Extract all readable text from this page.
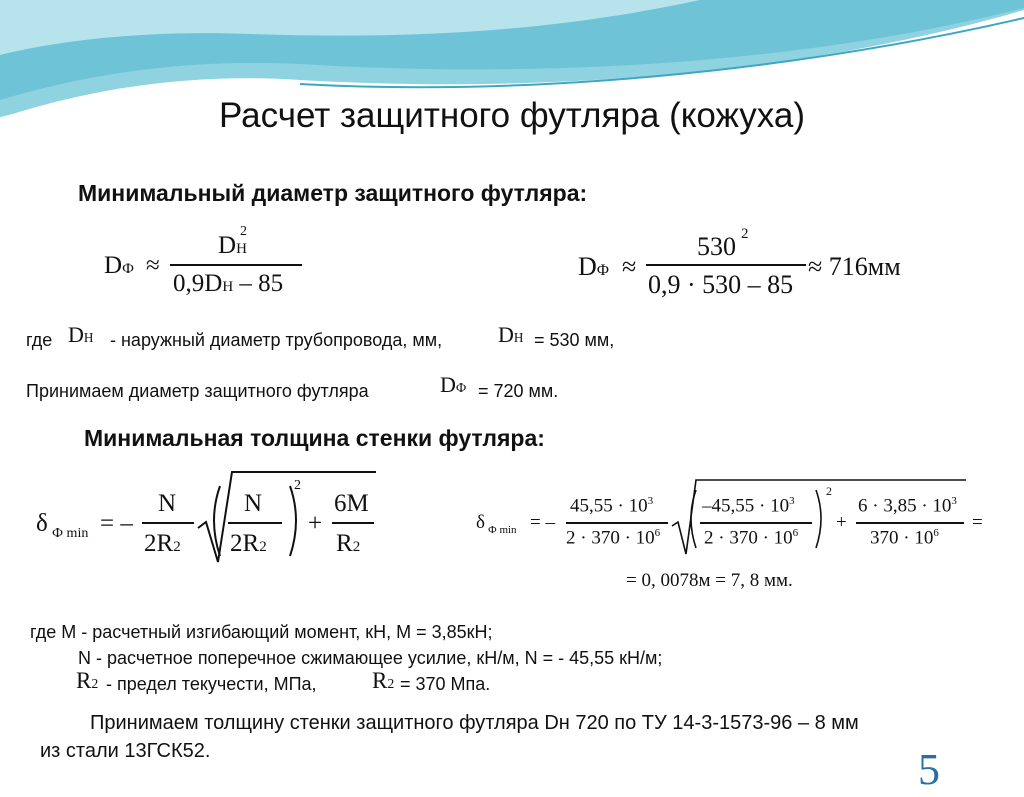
Расчет защитного футляра (кожуха)
Минимальный диаметр защитного футляра:
DФ ≈
DН
2
0,9DН – 85
DФ ≈
530 2
0,9 · 530 – 85
≈ 716мм
где DН - наружный диаметр трубопровода, мм,	DН = 530 мм,
Принимаем диаметр защитного футляра	DФ = 720 мм.
Минимальная толщина стенки футляра:
δ Ф min = –
N
2R2
N
2R2
2
+
6M
R2
δ Ф min = –
$45,55 \cdot 10^3$
$2 \cdot 370 \cdot 10^6$
$-45,55 \cdot 10^3$
$2 \cdot 370 \cdot 10^6$
2
+
$6 \cdot 3,85 \cdot 10^3$
$370 \cdot 10^6$ =
= 0, 0078м = 7, 8 мм.
где M - расчетный изгибающий момент, кН, M = 3,85кН;
N - расчетное поперечное сжимающее усилие, кН/м, N = - 45,55 кН/м;
R2 - предел текучести, МПа, R2 = 370 Мпа.
Принимаем толщину стенки защитного футляра Dн 720 по ТУ 14-3-1573-96 – 8 мм
из стали 13ГСК52.	5
